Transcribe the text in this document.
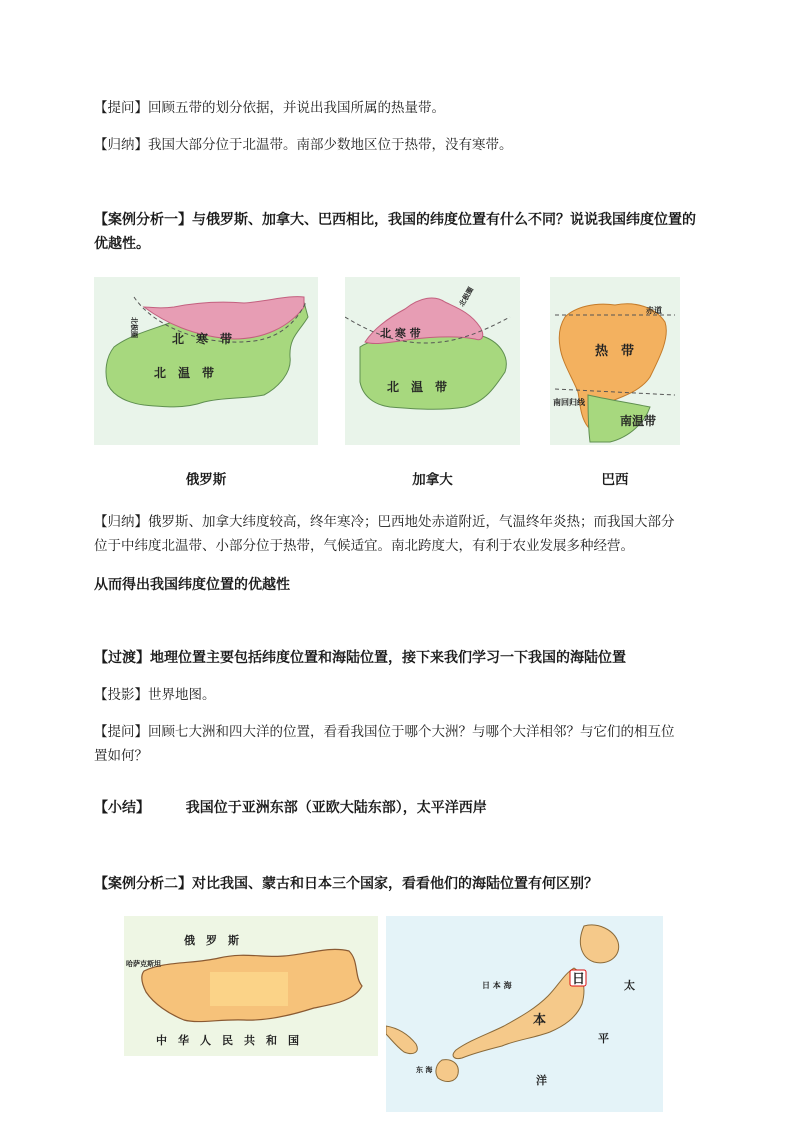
【提问】回顾五带的划分依据，并说出我国所属的热量带。
【归纳】我国大部分位于北温带。南部少数地区位于热带，没有寒带。
【案例分析一】与俄罗斯、加拿大、巴西相比，我国的纬度位置有什么不同？说说我国纬度位置的
优越性。
北极圈
北　寒　带
北　温　带
俄罗斯
北 寒 带
北极圈
北　温　带
加拿大
赤道
南回归线
热　带
南温带
巴西
【归纳】俄罗斯、加拿大纬度较高，终年寒冷；巴西地处赤道附近，气温终年炎热；而我国大部分
位于中纬度北温带、小部分位于热带，气候适宜。南北跨度大，有利于农业发展多种经营。
从而得出我国纬度位置的优越性
【过渡】地理位置主要包括纬度位置和海陆位置，接下来我们学习一下我国的海陆位置
【投影】世界地图。
【提问】回顾七大洲和四大洋的位置，看看我国位于哪个大洲？与哪个大洋相邻？与它们的相互位
置如何？
【小结】	我国位于亚洲东部（亚欧大陆东部），太平洋西岸
【案例分析二】对比我国、蒙古和日本三个国家，看看他们的海陆位置有何区别？
俄　罗　斯
哈萨克斯坦
中　华　人　民　共　和　国
日 本 海	日
本
太
平
洋
东 海
